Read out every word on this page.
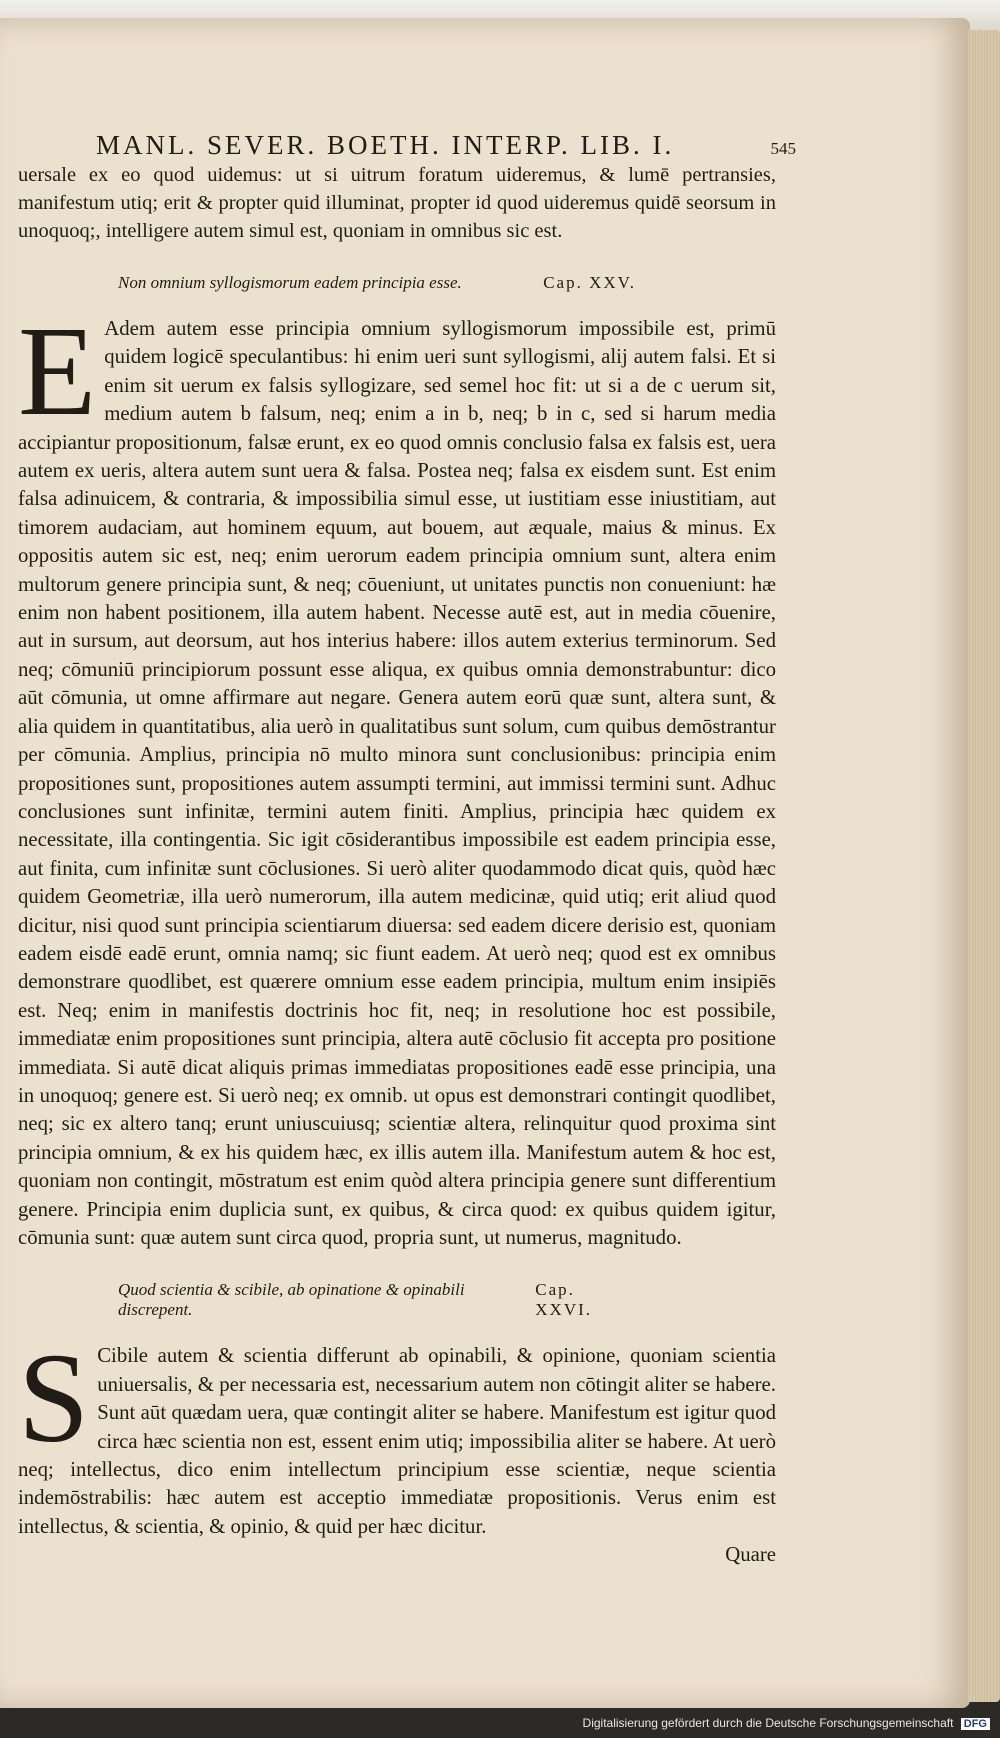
MANL. SEVER. BOETH. INTERP. LIB. I.	545

uersale ex eo quod uidemus: ut si uitrum foratum uideremus, & lumē pertransies, manifestum utiq; erit & propter quid illuminat, propter id quod uideremus quidē seorsum in unoquoq;, intelligere autem simul est, quoniam in omnibus sic est.

Non omnium syllogismorum eadem principia esse.	Cap. XXV.
E Adem autem esse principia omnium syllogismorum impossibile est, primū quidem logicē speculantibus: hi enim ueri sunt syllogismi, alij autem falsi. Et si enim sit uerum ex falsis syllogizare, sed semel hoc fit: ut si a de c uerum sit, medium autem b falsum, neq; enim a in b, neq; b in c, sed si harum media accipiantur propositionum, falsæ erunt, ex eo quod omnis conclusio falsa ex falsis est, uera autem ex ueris, altera autem sunt uera & falsa. Postea neq; falsa ex eisdem sunt. Est enim falsa adinuicem, & contraria, & impossibilia simul esse, ut iustitiam esse iniustitiam, aut timorem audaciam, aut hominem equum, aut bouem, aut æquale, maius & minus. Ex oppositis autem sic est, neq; enim uerorum eadem principia omnium sunt, altera enim multorum genere principia sunt, & neq; cōueniunt, ut unitates punctis non conueniunt: hæ enim non habent positionem, illa autem habent. Necesse autē est, aut in media cōuenire, aut in sursum, aut deorsum, aut hos interius habere: illos autem exterius terminorum. Sed neq; cōmuniū principiorum possunt esse aliqua, ex quibus omnia demonstrabuntur: dico aūt cōmunia, ut omne affirmare aut negare. Genera autem eorū quæ sunt, altera sunt, & alia quidem in quantitatibus, alia uerò in qualitatibus sunt solum, cum quibus demōstrantur per cōmunia. Amplius, principia nō multo minora sunt conclusionibus: principia enim propositiones sunt, propositiones autem assumpti termini, aut immissi termini sunt. Adhuc conclusiones sunt infinitæ, termini autem finiti. Amplius, principia hæc quidem ex necessitate, illa contingentia. Sic igit cōsiderantibus impossibile est eadem principia esse, aut finita, cum infinitæ sunt cōclusiones. Si uerò aliter quodammodo dicat quis, quòd hæc quidem Geometriæ, illa uerò numerorum, illa autem medicinæ, quid utiq; erit aliud quod dicitur, nisi quod sunt principia scientiarum diuersa: sed eadem dicere derisio est, quoniam eadem eisdē eadē erunt, omnia namq; sic fiunt eadem. At uerò neq; quod est ex omnibus demonstrare quodlibet, est quærere omnium esse eadem principia, multum enim insipiēs est. Neq; enim in manifestis doctrinis hoc fit, neq; in resolutione hoc est possibile, immediatæ enim propositiones sunt principia, altera autē cōclusio fit accepta pro positione immediata. Si autē dicat aliquis primas immediatas propositiones eadē esse principia, una in unoquoq; genere est. Si uerò neq; ex omnib. ut opus est demonstrari contingit quodlibet, neq; sic ex altero tanq; erunt uniuscuiusq; scientiæ altera, relinquitur quod proxima sint principia omnium, & ex his quidem hæc, ex illis autem illa. Manifestum autem & hoc est, quoniam non contingit, mōstratum est enim quòd altera principia genere sunt differentium genere. Principia enim duplicia sunt, ex quibus, & circa quod: ex quibus quidem igitur, cōmunia sunt: quæ autem sunt circa quod, propria sunt, ut numerus, magnitudo.

Quod scientia & scibile, ab opinatione & opinabili discrepent.
Cap. XXVI.
S Cibile autem & scientia differunt ab opinabili, & opinione, quoniam scientia uniuersalis, & per necessaria est, necessarium autem non cōtingit aliter se habere. Sunt aūt quædam uera, quæ contingit aliter se habere. Manifestum est igitur quod circa hæc scientia non est, essent enim utiq; impossibilia aliter se habere. At uerò neq; intellectus, dico enim intellectum principium esse scientiæ, neque scientia indemōstrabilis: hæc autem est acceptio immediatæ propositionis. Verus enim est intellectus, & scientia, & opinio, & quid per hæc dicitur.

Quare

Digitalisierung gefördert durch die Deutsche Forschungsgemeinschaft DFG
